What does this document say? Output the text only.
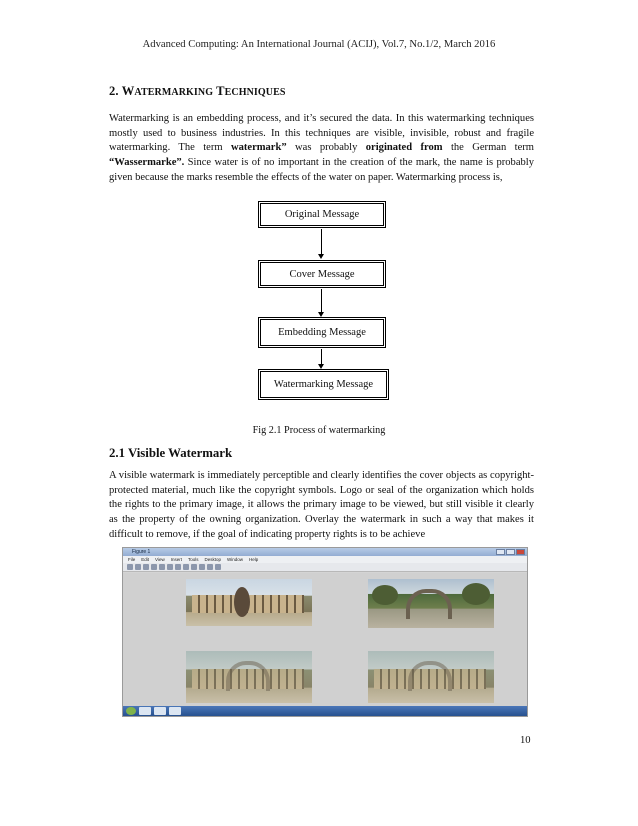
Advanced Computing: An International Journal (ACIJ), Vol.7, No.1/2, March 2016
2. WATERMARKING TECHNIQUES

Watermarking is an embedding process, and it’s secured the data. In this watermarking techniques mostly used to business industries. In this techniques are visible, invisible, robust and fragile watermarking. The term watermark” was probably originated from the German term “Wassermarke”. Since water is of no important in the creation of the mark, the name is probably given because the marks resemble the effects of the water on paper. Watermarking process is,

Original Message
Cover Message
Embedding Message
Watermarking Message
Fig 2.1 Process of watermarking
2.1 Visible Watermark

A visible watermark is immediately perceptible and clearly identifies the cover objects as copyright-protected material, much like the copyright symbols. Logo or seal of the organization which holds the rights to the primary image, it allows the primary image to be viewed, but still visible it clearly as the property of the owning organization. Overlay the watermark in such a way that makes it difficult to remove, if the goal of indicating property rights is to be achieve

Figure 1
File Edit View Insert Tools Desktop Window Help
10
